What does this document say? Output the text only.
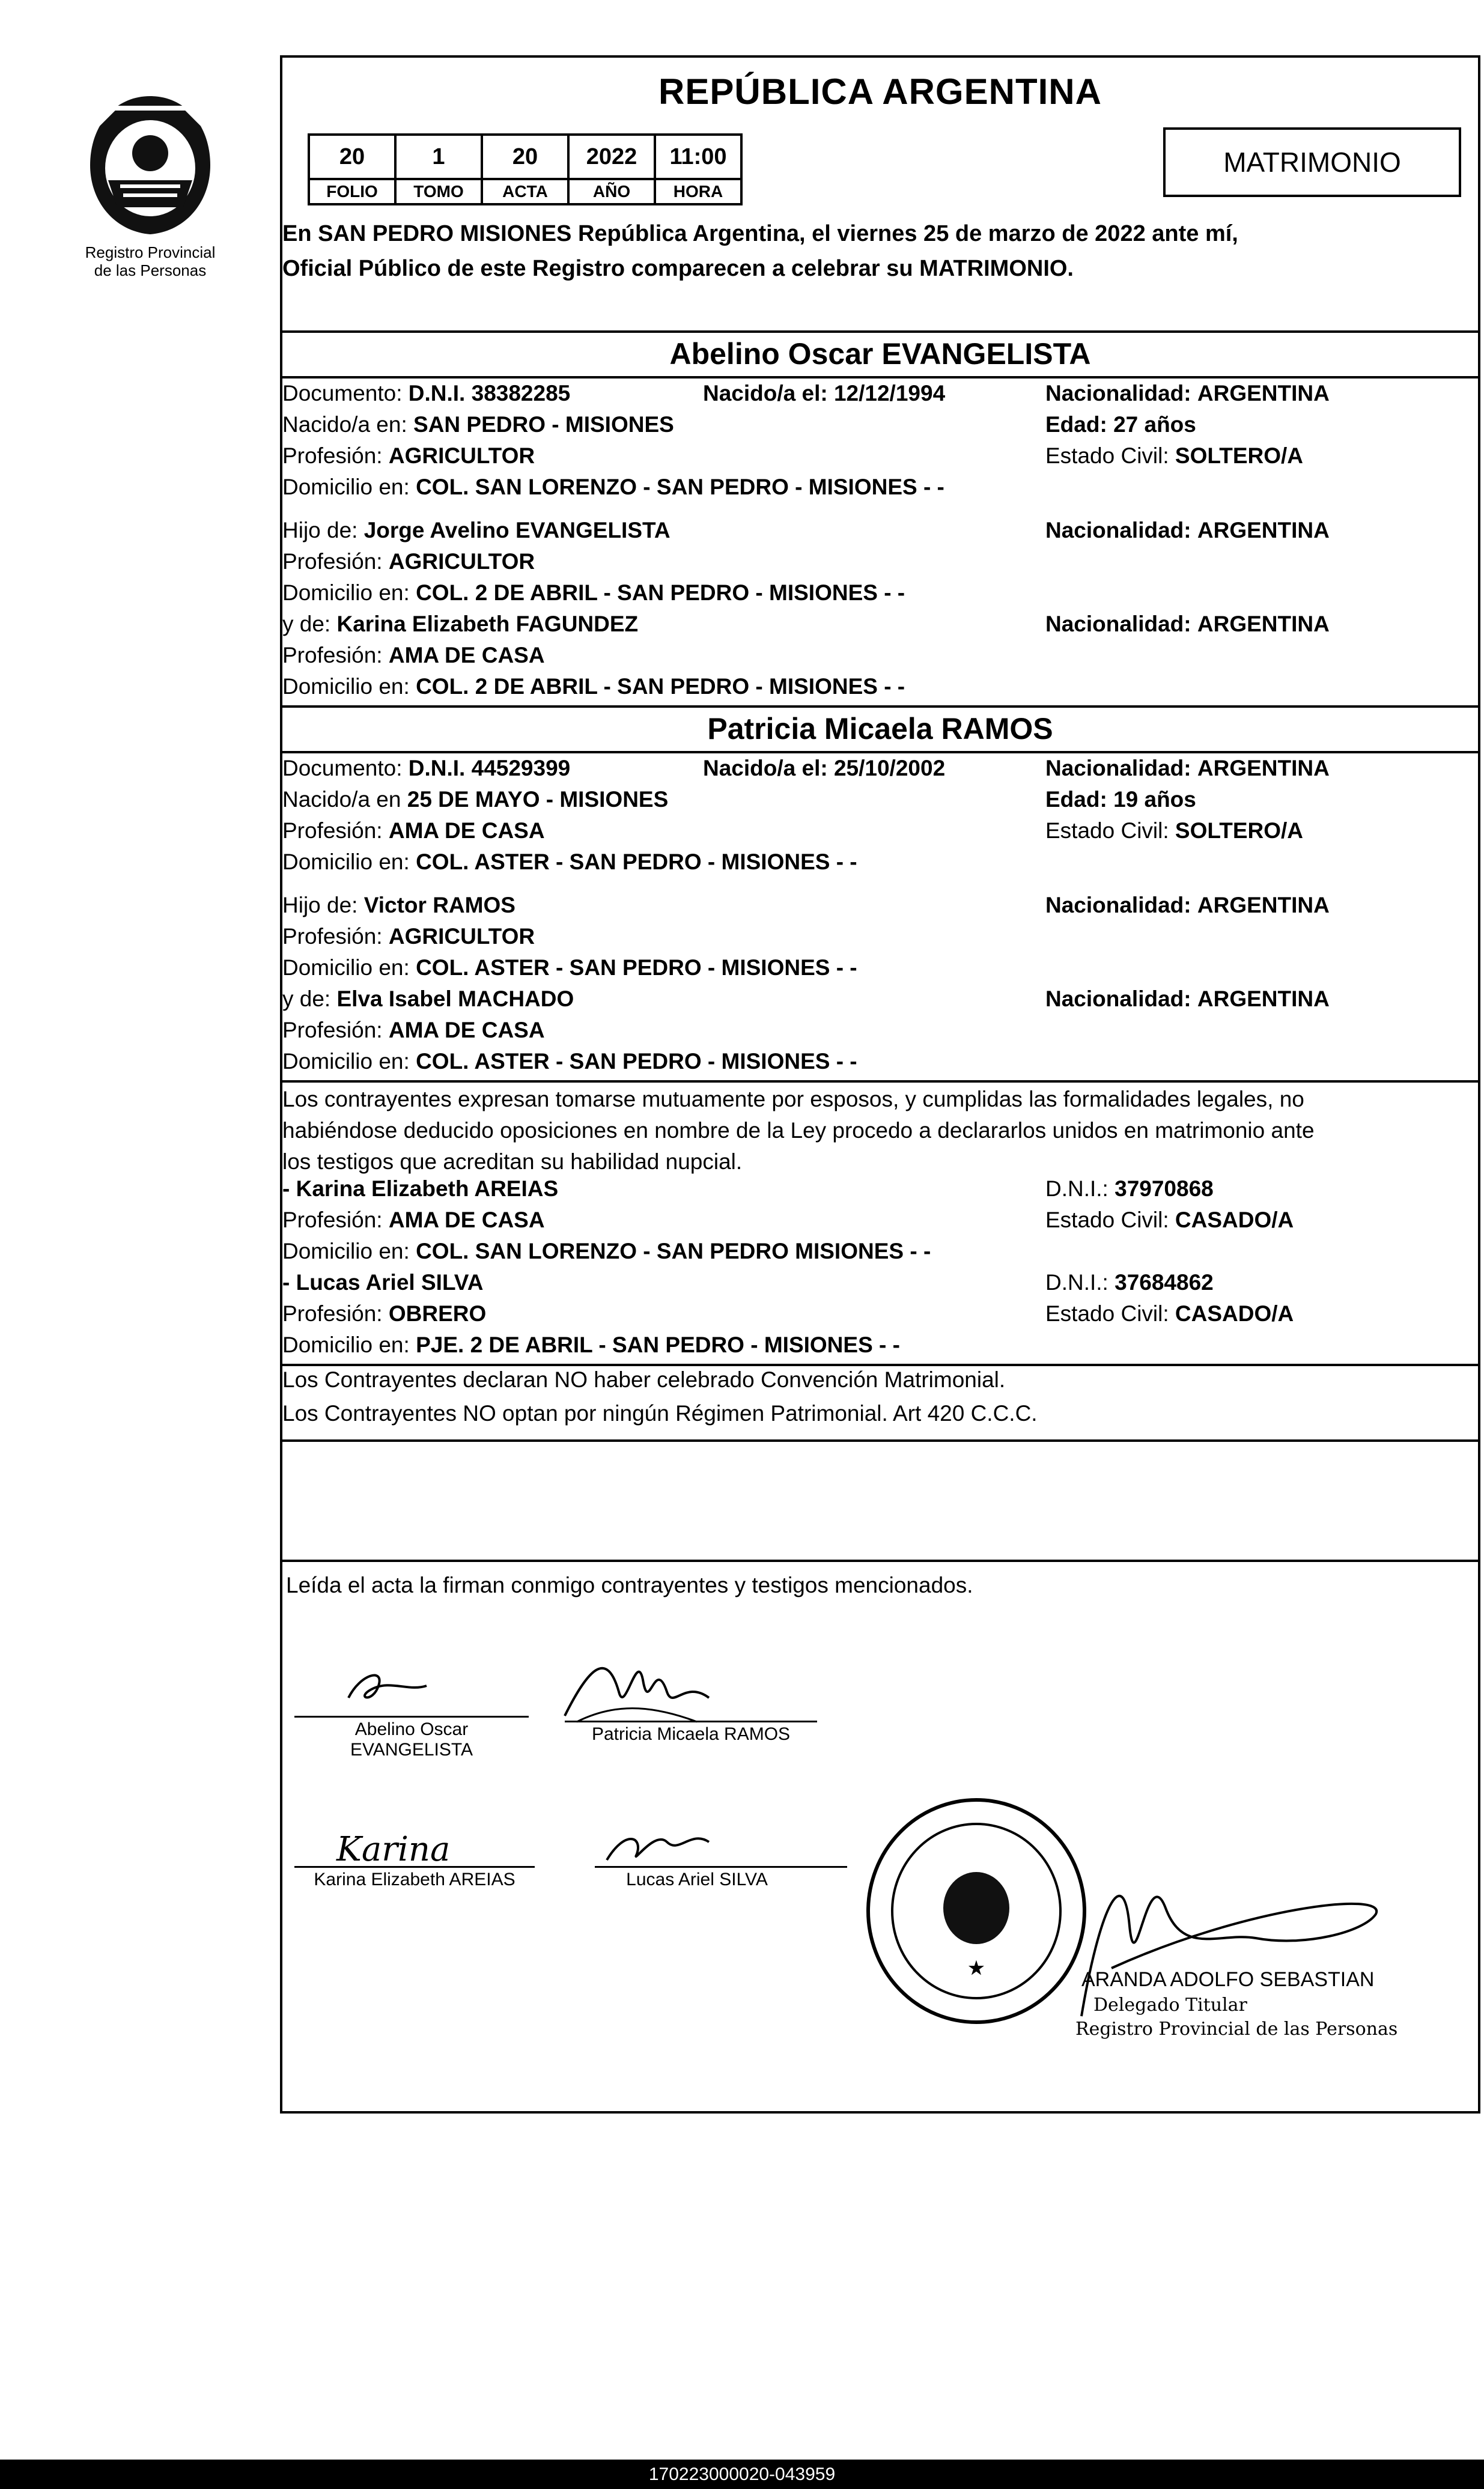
Registro Provincial
de las Personas
REPÚBLICA ARGENTINA
20	1	20	2022	11:00
FOLIO	TOMO	ACTA	AÑO	HORA
MATRIMONIO
En SAN PEDRO MISIONES República Argentina, el viernes 25 de marzo de 2022 ante mí,
Oficial Público de este Registro comparecen a celebrar su MATRIMONIO.
Abelino Oscar EVANGELISTA
Documento: D.N.I. 38382285	Nacido/a el: 12/12/1994	Nacionalidad: ARGENTINA
Nacido/a en: SAN PEDRO - MISIONES	Edad: 27 años
Profesión: AGRICULTOR	Estado Civil: SOLTERO/A
Domicilio en: COL. SAN LORENZO - SAN PEDRO - MISIONES - -
Hijo de: Jorge Avelino EVANGELISTA	Nacionalidad: ARGENTINA
Profesión: AGRICULTOR
Domicilio en: COL. 2 DE ABRIL - SAN PEDRO - MISIONES - -
y de: Karina Elizabeth FAGUNDEZ	Nacionalidad: ARGENTINA
Profesión: AMA DE CASA
Domicilio en: COL. 2 DE ABRIL - SAN PEDRO - MISIONES - -
Patricia Micaela RAMOS
Documento: D.N.I. 44529399	Nacido/a el: 25/10/2002	Nacionalidad: ARGENTINA
Nacido/a en 25 DE MAYO - MISIONES	Edad: 19 años
Profesión: AMA DE CASA	Estado Civil: SOLTERO/A
Domicilio en: COL. ASTER - SAN PEDRO - MISIONES - -
Hijo de: Victor RAMOS	Nacionalidad: ARGENTINA
Profesión: AGRICULTOR
Domicilio en: COL. ASTER - SAN PEDRO - MISIONES - -
y de: Elva Isabel MACHADO	Nacionalidad: ARGENTINA
Profesión: AMA DE CASA
Domicilio en: COL. ASTER - SAN PEDRO - MISIONES - -
Los contrayentes expresan tomarse mutuamente por esposos, y cumplidas las formalidades legales, no
habiéndose deducido oposiciones en nombre de la Ley procedo a declararlos unidos en matrimonio ante
los testigos que acreditan su habilidad nupcial.
- Karina Elizabeth AREIAS	D.N.I.: 37970868
Profesión: AMA DE CASA	Estado Civil: CASADO/A
Domicilio en: COL. SAN LORENZO - SAN PEDRO MISIONES - -
- Lucas Ariel SILVA	D.N.I.: 37684862
Profesión: OBRERO	Estado Civil: CASADO/A
Domicilio en: PJE. 2 DE ABRIL - SAN PEDRO - MISIONES - -
Los Contrayentes declaran NO haber celebrado Convención Matrimonial.
Los Contrayentes NO optan por ningún Régimen Patrimonial. Art 420 C.C.C.
Leída el acta la firman conmigo contrayentes y testigos mencionados.
Abelino Oscar
EVANGELISTA
Patricia Micaela RAMOS
Karina
Karina Elizabeth AREIAS	Lucas Ariel SILVA
★	ARANDA ADOLFO SEBASTIAN
Delegado Titular
Registro Provincial de las Personas
170223000020-043959
